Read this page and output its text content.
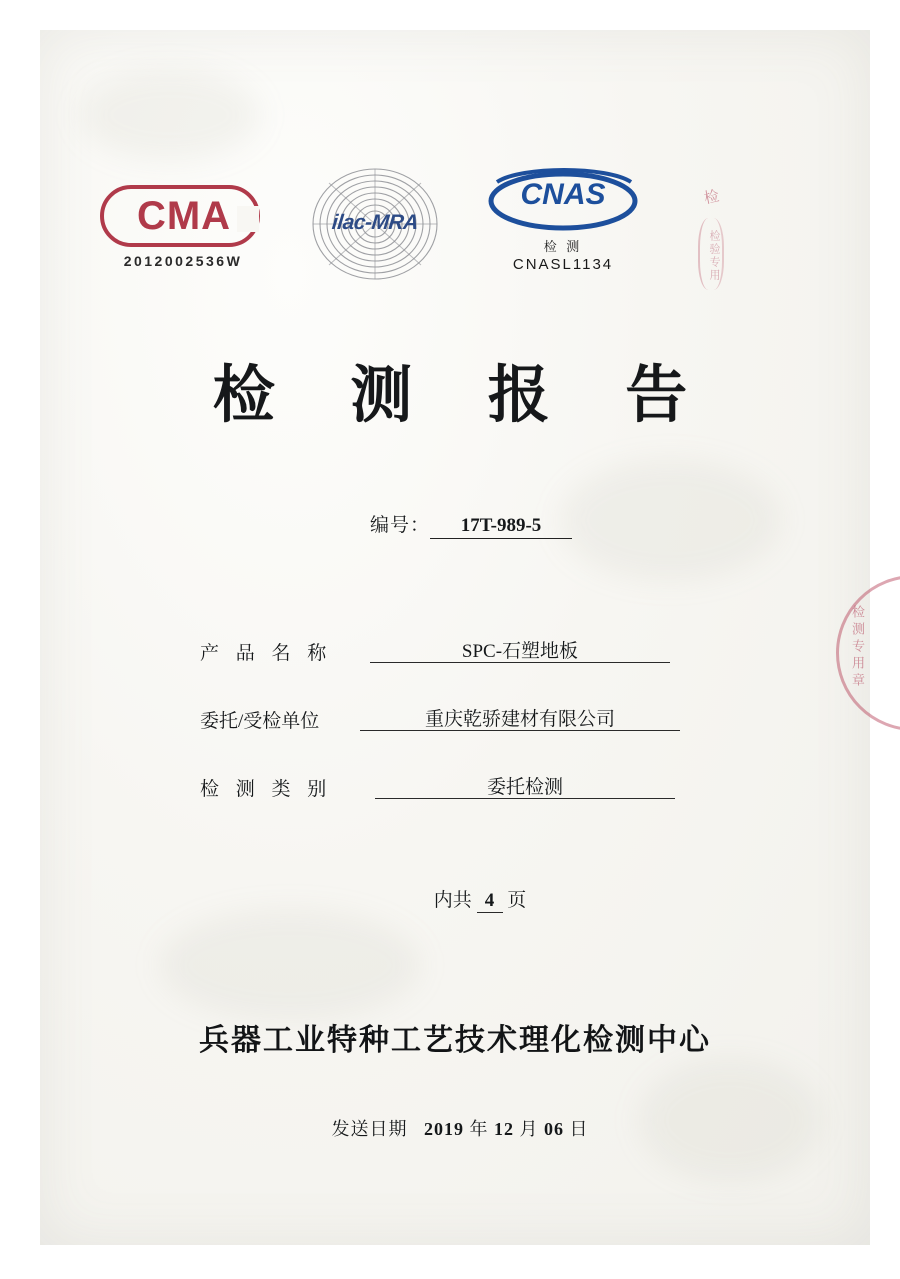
CMA
2012002536W
ilac-MRA
CNAS
检 测
CNASL1134
检
检验专用
检测专用章
检 测 报 告
编号： 17T-989-5
产 品 名 称	SPC-石塑地板
委托/受检单位	重庆乾骄建材有限公司
检 测 类 别	委托检测
内共 4 页
兵器工业特种工艺技术理化检测中心
发送日期 2019 年 12 月 06 日
